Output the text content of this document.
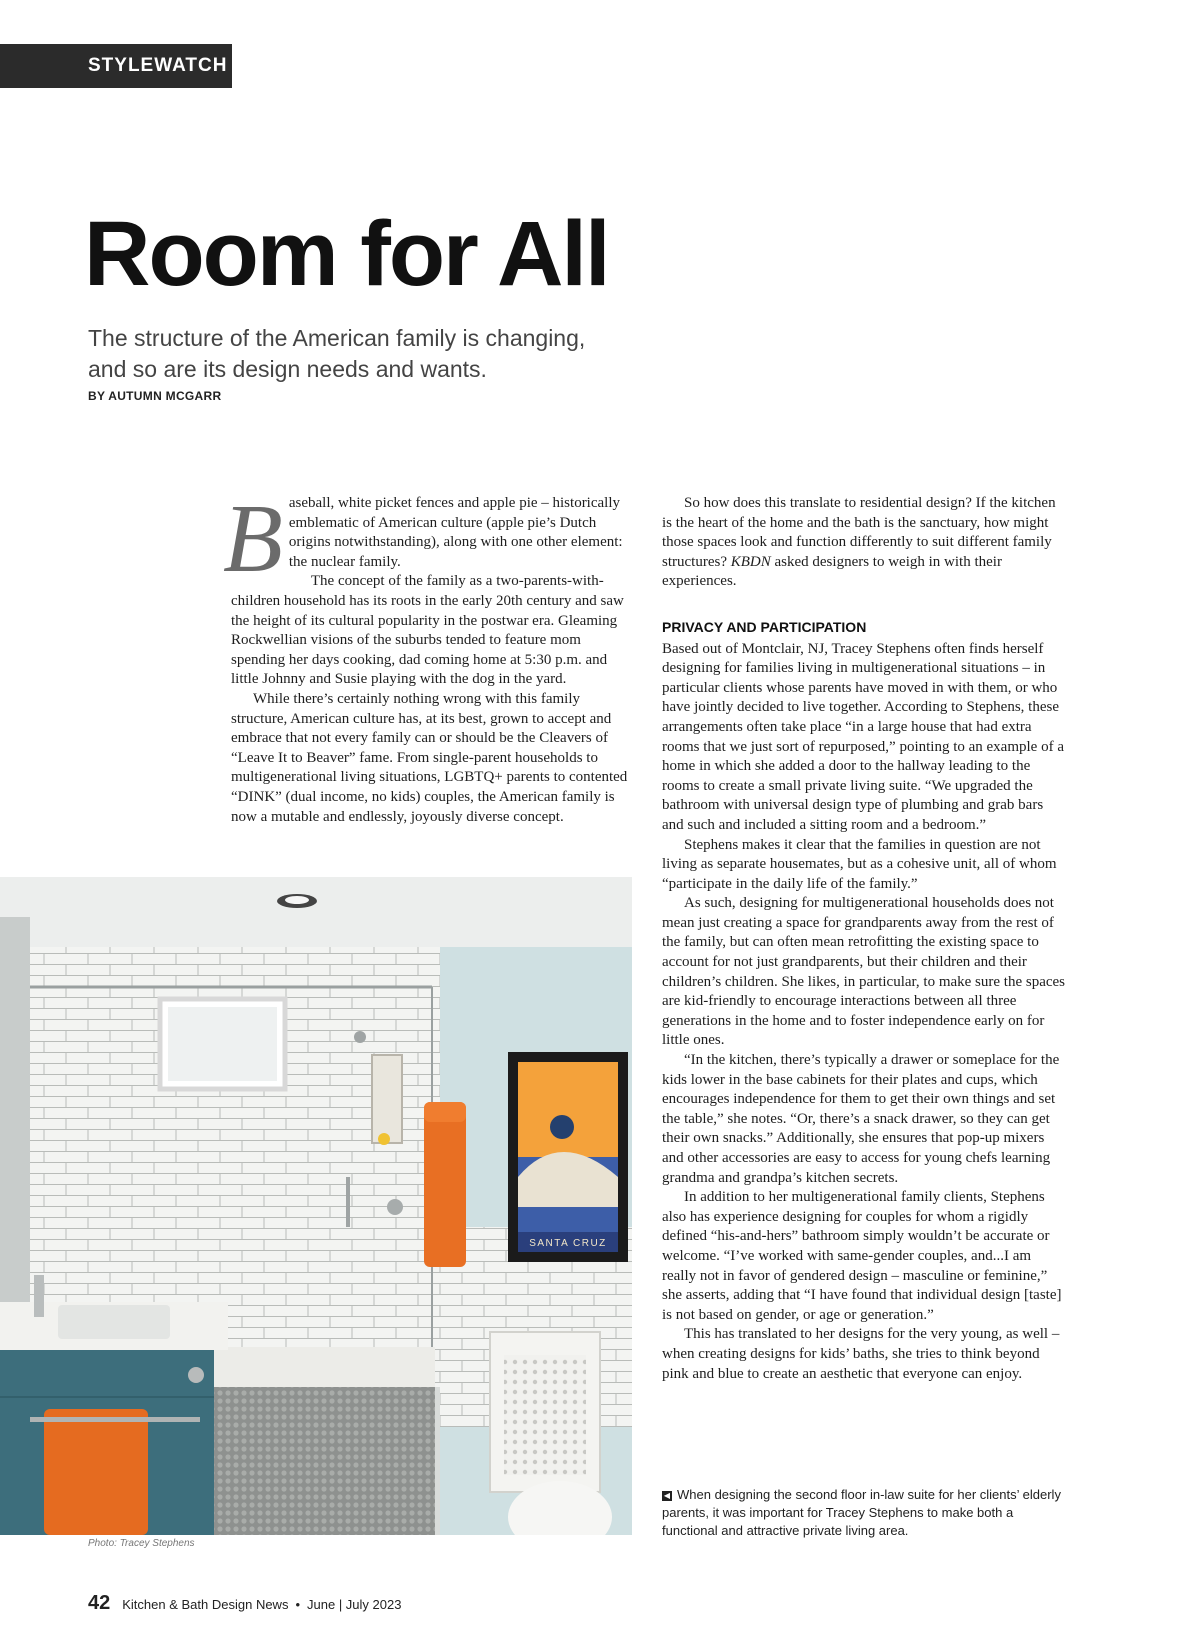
STYLEWATCH
Room for All

The structure of the American family is changing, and so are its design needs and wants.

BY AUTUMN MCGARR
B aseball, white picket fences and apple pie – historically emblematic of American culture (apple pie’s Dutch origins notwithstanding), along with one other element: the nuclear family.

The concept of the family as a two-parents-with-children household has its roots in the early 20th century and saw the height of its cultural popularity in the postwar era. Gleaming Rockwellian visions of the suburbs tended to feature mom spending her days cooking, dad coming home at 5:30 p.m. and little Johnny and Susie playing with the dog in the yard.

While there’s certainly nothing wrong with this family structure, American culture has, at its best, grown to accept and embrace that not every family can or should be the Cleavers of “Leave It to Beaver” fame. From single-parent households to multigenerational living situations, LGBTQ+ parents to contented “DINK” (dual income, no kids) couples, the American family is now a mutable and endlessly, joyously diverse concept.

So how does this translate to residential design? If the kitchen is the heart of the home and the bath is the sanctuary, how might those spaces look and function differently to suit different family structures? KBDN asked designers to weigh in with their experiences.

PRIVACY AND PARTICIPATION

Based out of Montclair, NJ, Tracey Stephens often finds herself designing for families living in multigenerational situations – in particular clients whose parents have moved in with them, or who have jointly decided to live together. According to Stephens, these arrangements often take place “in a large house that had extra rooms that we just sort of repurposed,” pointing to an example of a home in which she added a door to the hallway leading to the rooms to create a small private living suite. “We upgraded the bathroom with universal design type of plumbing and grab bars and such and included a sitting room and a bedroom.”

Stephens makes it clear that the families in question are not living as separate housemates, but as a cohesive unit, all of whom “participate in the daily life of the family.”

As such, designing for multigenerational households does not mean just creating a space for grandparents away from the rest of the family, but can often mean retrofitting the existing space to account for not just grandparents, but their children and their children’s children. She likes, in particular, to make sure the spaces are kid-friendly to encourage interactions between all three generations in the home and to foster independence early on for little ones.

“In the kitchen, there’s typically a drawer or someplace for the kids lower in the base cabinets for their plates and cups, which encourages independence for them to get their own things and set the table,” she notes. “Or, there’s a snack drawer, so they can get their own snacks.” Additionally, she ensures that pop-up mixers and other accessories are easy to access for young chefs learning grandma and grandpa’s kitchen secrets.

In addition to her multigenerational family clients, Stephens also has experience designing for couples for whom a rigidly defined “his-and-hers” bathroom simply wouldn’t be accurate or welcome. “I’ve worked with same-gender couples, and...I am really not in favor of gendered design – masculine or feminine,” she asserts, adding that “I have found that individual design [taste] is not based on gender, or age or generation.”

This has translated to her designs for the very young, as well – when creating designs for kids’ baths, she tries to think beyond pink and blue to create an aesthetic that everyone can enjoy.

SANTA CRUZ
Photo: Tracey Stephens
◀ When designing the second floor in-law suite for her clients’ elderly parents, it was important for Tracey Stephens to make both a functional and attractive private living area.
42 Kitchen & Bath Design News • June | July 2023
